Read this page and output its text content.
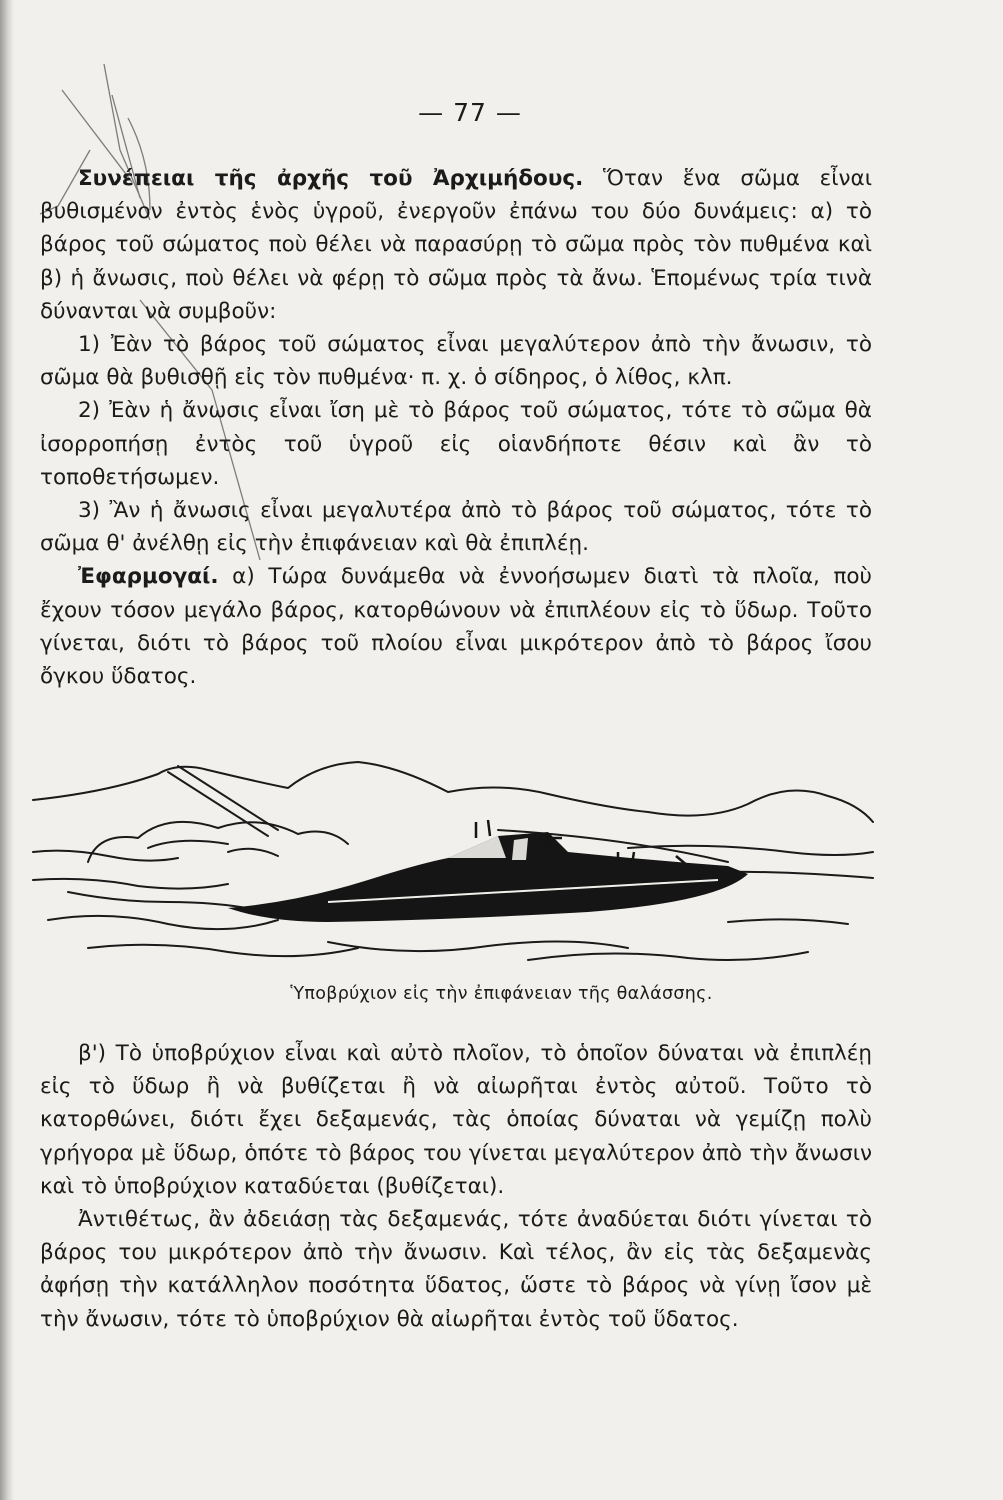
— 77 —

Συνέπειαι τῆς ἀρχῆς τοῦ Ἀρχιμήδους. Ὅταν ἕνα σῶμα εἶναι βυθισμένον ἐντὸς ἑνὸς ὑγροῦ, ἐνεργοῦν ἐπάνω του δύο δυνάμεις: α) τὸ βάρος τοῦ σώματος ποὺ θέλει νὰ παρασύρῃ τὸ σῶμα πρὸς τὸν πυθμένα καὶ β) ἡ ἄνωσις, ποὺ θέλει νὰ φέρῃ τὸ σῶμα πρὸς τὰ ἄνω. Ἑπομένως τρία τινὰ δύνανται νὰ συμβοῦν:

1) Ἐὰν τὸ βάρος τοῦ σώματος εἶναι μεγαλύτερον ἀπὸ τὴν ἄνωσιν, τὸ σῶμα θὰ βυθισθῇ εἰς τὸν πυθμένα· π. χ. ὁ σίδηρος, ὁ λίθος, κλπ.

2) Ἐὰν ἡ ἄνωσις εἶναι ἴση μὲ τὸ βάρος τοῦ σώματος, τότε τὸ σῶμα θὰ ἰσορροπήσῃ ἐντὸς τοῦ ὑγροῦ εἰς οἱανδήποτε θέσιν καὶ ἂν τὸ τοποθετήσωμεν.

3) Ἂν ἡ ἄνωσις εἶναι μεγαλυτέρα ἀπὸ τὸ βάρος τοῦ σώματος, τότε τὸ σῶμα θ' ἀνέλθῃ εἰς τὴν ἐπιφάνειαν καὶ θὰ ἐπιπλέῃ.

Ἐφαρμογαί. α) Τώρα δυνάμεθα νὰ ἐννοήσωμεν διατὶ τὰ πλοῖα, ποὺ ἔχουν τόσον μεγάλο βάρος, κατορθώνουν νὰ ἐπιπλέουν εἰς τὸ ὕδωρ. Τοῦτο γίνεται, διότι τὸ βάρος τοῦ πλοίου εἶναι μικρότερον ἀπὸ τὸ βάρος ἴσου ὄγκου ὕδατος.

Ὑποβρύχιον εἰς τὴν ἐπιφάνειαν τῆς θαλάσσης.

β') Τὸ ὑποβρύχιον εἶναι καὶ αὐτὸ πλοῖον, τὸ ὁποῖον δύναται νὰ ἐπιπλέῃ εἰς τὸ ὕδωρ ἢ νὰ βυθίζεται ἢ νὰ αἰωρῆται ἐντὸς αὐτοῦ. Τοῦτο τὸ κατορθώνει, διότι ἔχει δεξαμενάς, τὰς ὁποίας δύναται νὰ γεμίζῃ πολὺ γρήγορα μὲ ὕδωρ, ὁπότε τὸ βάρος του γίνεται μεγαλύτερον ἀπὸ τὴν ἄνωσιν καὶ τὸ ὑποβρύχιον καταδύεται (βυθίζεται).

Ἀντιθέτως, ἂν ἀδειάσῃ τὰς δεξαμενάς, τότε ἀναδύεται διότι γίνεται τὸ βάρος του μικρότερον ἀπὸ τὴν ἄνωσιν. Καὶ τέλος, ἂν εἰς τὰς δεξαμενὰς ἀφήσῃ τὴν κατάλληλον ποσότητα ὕδατος, ὥστε τὸ βάρος νὰ γίνῃ ἴσον μὲ τὴν ἄνωσιν, τότε τὸ ὑποβρύχιον θὰ αἰωρῆται ἐντὸς τοῦ ὕδατος.
